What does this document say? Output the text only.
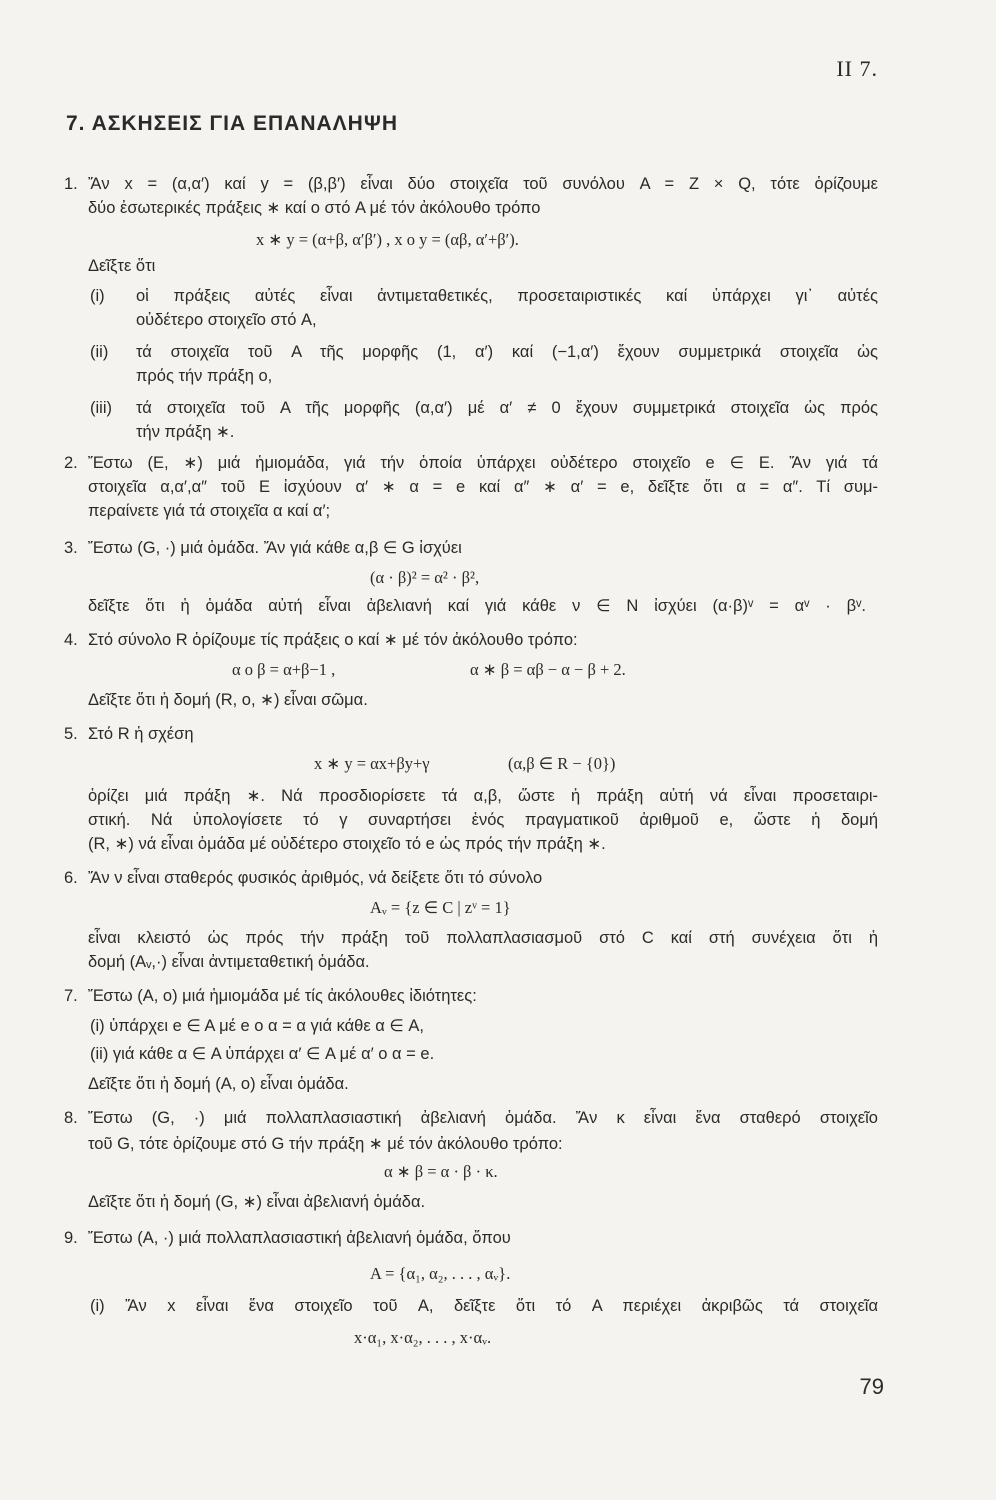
II 7.
7. ΑΣΚΗΣΕΙΣ ΓΙΑ ΕΠΑΝΑΛΗΨΗ
1. Ἄν x = (α,α′) καί y = (β,β′) εἶναι δύο στοιχεῖα τοῦ συνόλου A = Z × Q, τότε ὁρίζουμε
δύο ἐσωτερικές πράξεις ∗ καί o στό A μέ τόν ἀκόλουθο τρόπο
x ∗ y = (α+β, α′β′) , x o y = (αβ, α′+β′).
Δεῖξτε ὅτι
(i) οἱ πράξεις αὐτές εἶναι ἀντιμεταθετικές, προσεταιριστικές καί ὑπάρχει γι᾽ αὐτές
οὐδέτερο στοιχεῖο στό A,
(ii) τά στοιχεῖα τοῦ A τῆς μορφῆς (1, α′) καί (−1,α′) ἔχουν συμμετρικά στοιχεῖα ὡς
πρός τήν πράξη o,
(iii) τά στοιχεῖα τοῦ A τῆς μορφῆς (α,α′) μέ α′ ≠ 0 ἔχουν συμμετρικά στοιχεῖα ὡς πρός
τήν πράξη ∗.
2. Ἔστω (E, ∗) μιά ἡμιομάδα, γιά τήν ὁποία ὑπάρχει οὐδέτερο στοιχεῖο e ∈ E. Ἄν γιά τά
στοιχεῖα α,α′,α″ τοῦ E ἰσχύουν α′ ∗ α = e καί α″ ∗ α′ = e, δεῖξτε ὅτι α = α″. Τί συμ-
περαίνετε γιά τά στοιχεῖα α καί α′;
3. Ἔστω (G, ·) μιά ὁμάδα. Ἄν γιά κάθε α,β ∈ G ἰσχύει
(α · β)² = α² · β²,
δεῖξτε ὅτι ἡ ὁμάδα αὐτή εἶναι ἀβελιανή καί γιά κάθε ν ∈ N ἰσχύει (α·β)ᵛ = αᵛ · βᵛ.
4. Στό σύνολο R ὁρίζουμε τίς πράξεις o καί ∗ μέ τόν ἀκόλουθο τρόπο:
α o β = α+β−1 ,	α ∗ β = αβ − α − β + 2.
Δεῖξτε ὅτι ἡ δομή (R, o, ∗) εἶναι σῶμα.
5. Στό R ἡ σχέση
x ∗ y = αx+βy+γ	(α,β ∈ R − {0})
ὁρίζει μιά πράξη ∗. Νά προσδιορίσετε τά α,β, ὥστε ἡ πράξη αὐτή νά εἶναι προσεταιρι-
στική. Νά ὑπολογίσετε τό γ συναρτήσει ἑνός πραγματικοῦ ἀριθμοῦ e, ὥστε ἡ δομή
(R, ∗) νά εἶναι ὁμάδα μέ οὐδέτερο στοιχεῖο τό e ὡς πρός τήν πράξη ∗.
6. Ἄν ν εἶναι σταθερός φυσικός ἀριθμός, νά δείξετε ὅτι τό σύνολο
Aᵥ = {z ∈ C | zᵛ = 1}
εἶναι κλειστό ὡς πρός τήν πράξη τοῦ πολλαπλασιασμοῦ στό C καί στή συνέχεια ὅτι ἡ
δομή (Aᵥ,·) εἶναι ἀντιμεταθετική ὁμάδα.
7. Ἔστω (A, o) μιά ἡμιομάδα μέ τίς ἀκόλουθες ἰδιότητες:
(i) ὑπάρχει e ∈ A μέ e o α = α γιά κάθε α ∈ A,
(ii) γιά κάθε α ∈ A ὑπάρχει α′ ∈ A μέ α′ o α = e.
Δεῖξτε ὅτι ἡ δομή (A, o) εἶναι ὁμάδα.
8. Ἔστω (G, ·) μιά πολλαπλασιαστική ἀβελιανή ὁμάδα. Ἄν κ εἶναι ἕνα σταθερό στοιχεῖο
τοῦ G, τότε ὁρίζουμε στό G τήν πράξη ∗ μέ τόν ἀκόλουθο τρόπο:
α ∗ β = α · β · κ.
Δεῖξτε ὅτι ἡ δομή (G, ∗) εἶναι ἀβελιανή ὁμάδα.
9. Ἔστω (A, ·) μιά πολλαπλασιαστική ἀβελιανή ὁμάδα, ὅπου
A = {α₁, α₂, . . . , αᵥ}.
(i) Ἄν x εἶναι ἕνα στοιχεῖο τοῦ A, δεῖξτε ὅτι τό A περιέχει ἀκριβῶς τά στοιχεῖα
x·α₁, x·α₂, . . . , x·αᵥ.
79
